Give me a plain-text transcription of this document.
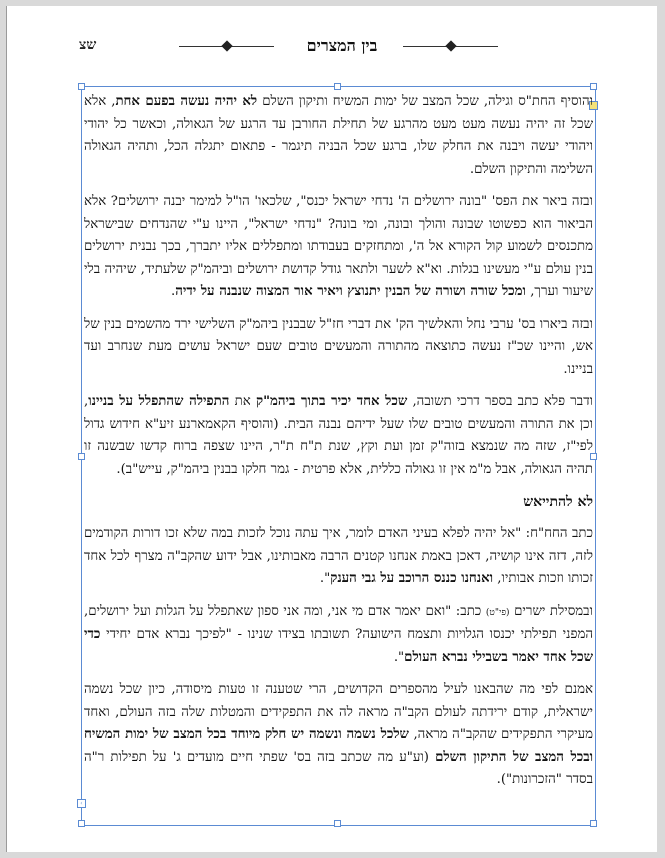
שצ	בין המצרים
‹

והוסיף החת"ס וגילה, שכל המצב של ימות המשיח ותיקון השלם לא יהיה נעשה בפעם אחת, אלא שכל זה יהיה נעשה מעט מעט מהרגע של תחילת החורבן עד הרגע של הגאולה, וכאשר כל יהודי ויהודי יעשה ויבנה את החלק שלו, ברגע שכל הבניה תיגמר - פתאום יתגלה הכל, ותהיה הגאולה השלימה והתיקון השלם.

ובזה ביאר את הפס' "בונה ירושלים ה' נדחי ישראל יכנס", שלכאו' הו"ל למימר יבנה ירושלים? אלא הביאור הוא כפשוטו שבונה והולך ובונה, ומי בונה? "נדחי ישראל", היינו ע"י שהנדחים שבישראל מתכנסים לשמוע קול הקורא אל ה', ומתחזקים בעבודתו ומתפללים אליו יתברך, בכך נבנית ירושלים בנין עולם ע"י מעשינו בגלות. וא"א לשער ולתאר גודל קדושת ירושלים וביהמ"ק שלעתיד, שיהיה בלי שיעור וערך, ומכל שורה ושורה של הבנין יתנוצץ ויאיר אור המצוה שנבנה על ידיה.

ובזה ביארו בס' ערבי נחל והאלשיך הק' את דברי חז"ל שבבנין ביהמ"ק השלישי ירד מהשמים בנין של אש, והיינו שכ"ז נעשה כתוצאה מהתורה והמעשים טובים שעם ישראל עושים מעת שנחרב ועד בניינו.

ודבר פלא כתב בספר דרכי תשובה, שכל אחד יכיר בתוך ביהמ"ק את התפילה שהתפלל על בניינו, וכן את התורה והמעשים טובים שלו שעל ידיהם נבנה הבית. (והוסיף הקאמארנע זיע"א חידוש גדול לפי"ז, שזה מה שנמצא בזוה"ק זמן ועת וקץ, שנת ת"ח ת"ר, היינו שצפה ברוח קדשו שבשנה זו תהיה הגאולה, אבל מ"מ אין זו גאולה כללית, אלא פרטית - גמר חלקו בבנין ביהמ"ק, עייש"ב).

לא להתייאש

כתב החח"ח: "אל יהיה לפלא בעיני האדם לומר, איך עתה נוכל לזכות במה שלא זכו דורות הקודמים לזה, דזה אינו קושיה, דאכן באמת אנחנו קטנים הרבה מאבותינו, אבל ידוע שהקב"ה מצרף לכל אחד זכותו וזכות אבותיו, ואנחנו כננס הרוכב על גבי הענק".

ובמסילת ישרים (פי"ט) כתב: "ואם יאמר אדם מי אני, ומה אני ספון שאתפלל על הגלות ועל ירושלים, המפני תפילתי יכנסו הגלויות ותצמח הישועה? תשובתו בצידו שנינו - "לפיכך נברא אדם יחידי כדי שכל אחד יאמר בשבילי נברא העולם".

אמנם לפי מה שהבאנו לעיל מהספרים הקדושים, הרי שטענה זו טעות מיסודה, כיון שכל נשמה ישראלית, קודם ירידתה לעולם הקב"ה מראה לה את התפקידים והמטלות שלה בזה העולם, ואחד מעיקרי התפקידים שהקב"ה מראה, שלכל נשמה ונשמה יש חלק מיוחד בכל המצב של ימות המשיח ובכל המצב של התיקון השלם (וע"ע מה שכתב בזה בס' שפתי חיים מועדים ג' על תפילות ר"ה בסדר "הזכרונות").
